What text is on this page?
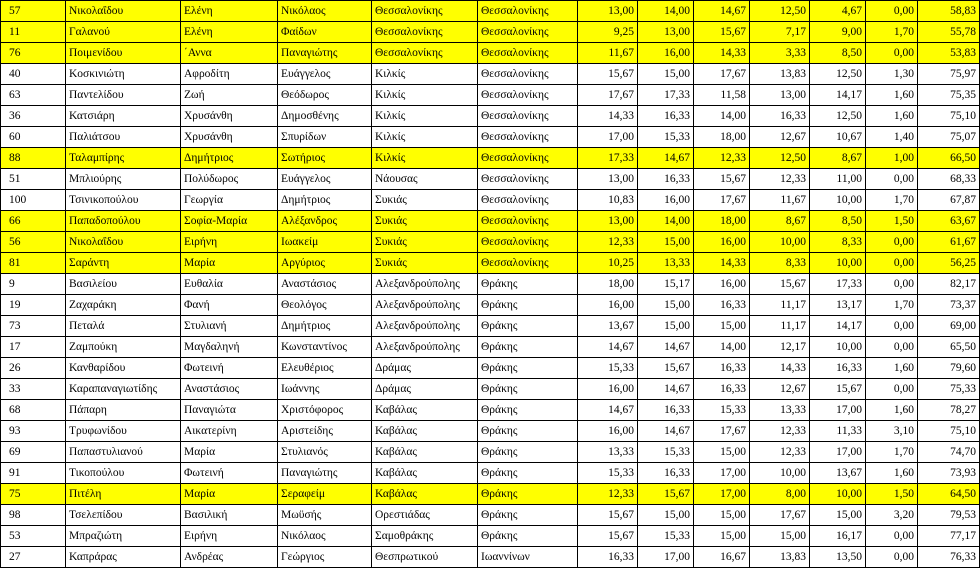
57	Νικολαΐδου	Ελένη	Νικόλαος	Θεσσαλονίκης	Θεσσαλονίκης	13,00	14,00	14,67	12,50	4,67	0,00	58,83
11	Γαλανού	Ελένη	Φαίδων	Θεσσαλονίκης	Θεσσαλονίκης	9,25	13,00	15,67	7,17	9,00	1,70	55,78
76	Ποιμενίδου	΄Αννα	Παναγιώτης	Θεσσαλονίκης	Θεσσαλονίκης	11,67	16,00	14,33	3,33	8,50	0,00	53,83
40	Κοσκινιώτη	Αφροδίτη	Ευάγγελος	Κιλκίς	Θεσσαλονίκης	15,67	15,00	17,67	13,83	12,50	1,30	75,97
63	Παντελίδου	Ζωή	Θεόδωρος	Κιλκίς	Θεσσαλονίκης	17,67	17,33	11,58	13,00	14,17	1,60	75,35
36	Κατσιάρη	Χρυσάνθη	Δημοσθένης	Κιλκίς	Θεσσαλονίκης	14,33	16,33	14,00	16,33	12,50	1,60	75,10
60	Παλιάτσου	Χρυσάνθη	Σπυρίδων	Κιλκίς	Θεσσαλονίκης	17,00	15,33	18,00	12,67	10,67	1,40	75,07
88	Ταλαμπίρης	Δημήτριος	Σωτήριος	Κιλκίς	Θεσσαλονίκης	17,33	14,67	12,33	12,50	8,67	1,00	66,50
51	Μπλιούρης	Πολύδωρος	Ευάγγελος	Νάουσας	Θεσσαλονίκης	13,00	16,33	15,67	12,33	11,00	0,00	68,33
100	Τσινικοπούλου	Γεωργία	Δημήτριος	Συκιάς	Θεσσαλονίκης	10,83	16,00	17,67	11,67	10,00	1,70	67,87
66	Παπαδοπούλου	Σοφία-Μαρία	Αλέξανδρος	Συκιάς	Θεσσαλονίκης	13,00	14,00	18,00	8,67	8,50	1,50	63,67
56	Νικολαΐδου	Ειρήνη	Ιωακείμ	Συκιάς	Θεσσαλονίκης	12,33	15,00	16,00	10,00	8,33	0,00	61,67
81	Σαράντη	Μαρία	Αργύριος	Συκιάς	Θεσσαλονίκης	10,25	13,33	14,33	8,33	10,00	0,00	56,25
9	Βασιλείου	Ευθαλία	Αναστάσιος	Αλεξανδρούπολης	Θράκης	18,00	15,17	16,00	15,67	17,33	0,00	82,17
19	Ζαχαράκη	Φανή	Θεολόγος	Αλεξανδρούπολης	Θράκης	16,00	15,00	16,33	11,17	13,17	1,70	73,37
73	Πεταλά	Στυλιανή	Δημήτριος	Αλεξανδρούπολης	Θράκης	13,67	15,00	15,00	11,17	14,17	0,00	69,00
17	Ζαμπούκη	Μαγδαληνή	Κωνσταντίνος	Αλεξανδρούπολης	Θράκης	14,67	14,67	14,00	12,17	10,00	0,00	65,50
26	Κανθαρίδου	Φωτεινή	Ελευθέριος	Δράμας	Θράκης	15,33	15,67	16,33	14,33	16,33	1,60	79,60
33	Καραπαναγιωτίδης	Αναστάσιος	Ιωάννης	Δράμας	Θράκης	16,00	14,67	16,33	12,67	15,67	0,00	75,33
68	Πάπαρη	Παναγιώτα	Χριστόφορος	Καβάλας	Θράκης	14,67	16,33	15,33	13,33	17,00	1,60	78,27
93	Τρυφωνίδου	Αικατερίνη	Αριστείδης	Καβάλας	Θράκης	16,00	14,67	17,67	12,33	11,33	3,10	75,10
69	Παπαστυλιανού	Μαρία	Στυλιανός	Καβάλας	Θράκης	13,33	15,33	15,00	12,33	17,00	1,70	74,70
91	Τικοπούλου	Φωτεινή	Παναγιώτης	Καβάλας	Θράκης	15,33	16,33	17,00	10,00	13,67	1,60	73,93
75	Πιτέλη	Μαρία	Σεραφείμ	Καβάλας	Θράκης	12,33	15,67	17,00	8,00	10,00	1,50	64,50
98	Τσελεπίδου	Βασιλική	Μωϋσής	Ορεστιάδας	Θράκης	15,67	15,00	15,00	17,67	15,00	3,20	79,53
53	Μπραζιώτη	Ειρήνη	Νικόλαος	Σαμοθράκης	Θράκης	15,67	15,33	15,00	15,00	16,17	0,00	77,17
27	Καπράρας	Ανδρέας	Γεώργιος	Θεσπρωτικού	Ιωαννίνων	16,33	17,00	16,67	13,83	13,50	0,00	76,33
